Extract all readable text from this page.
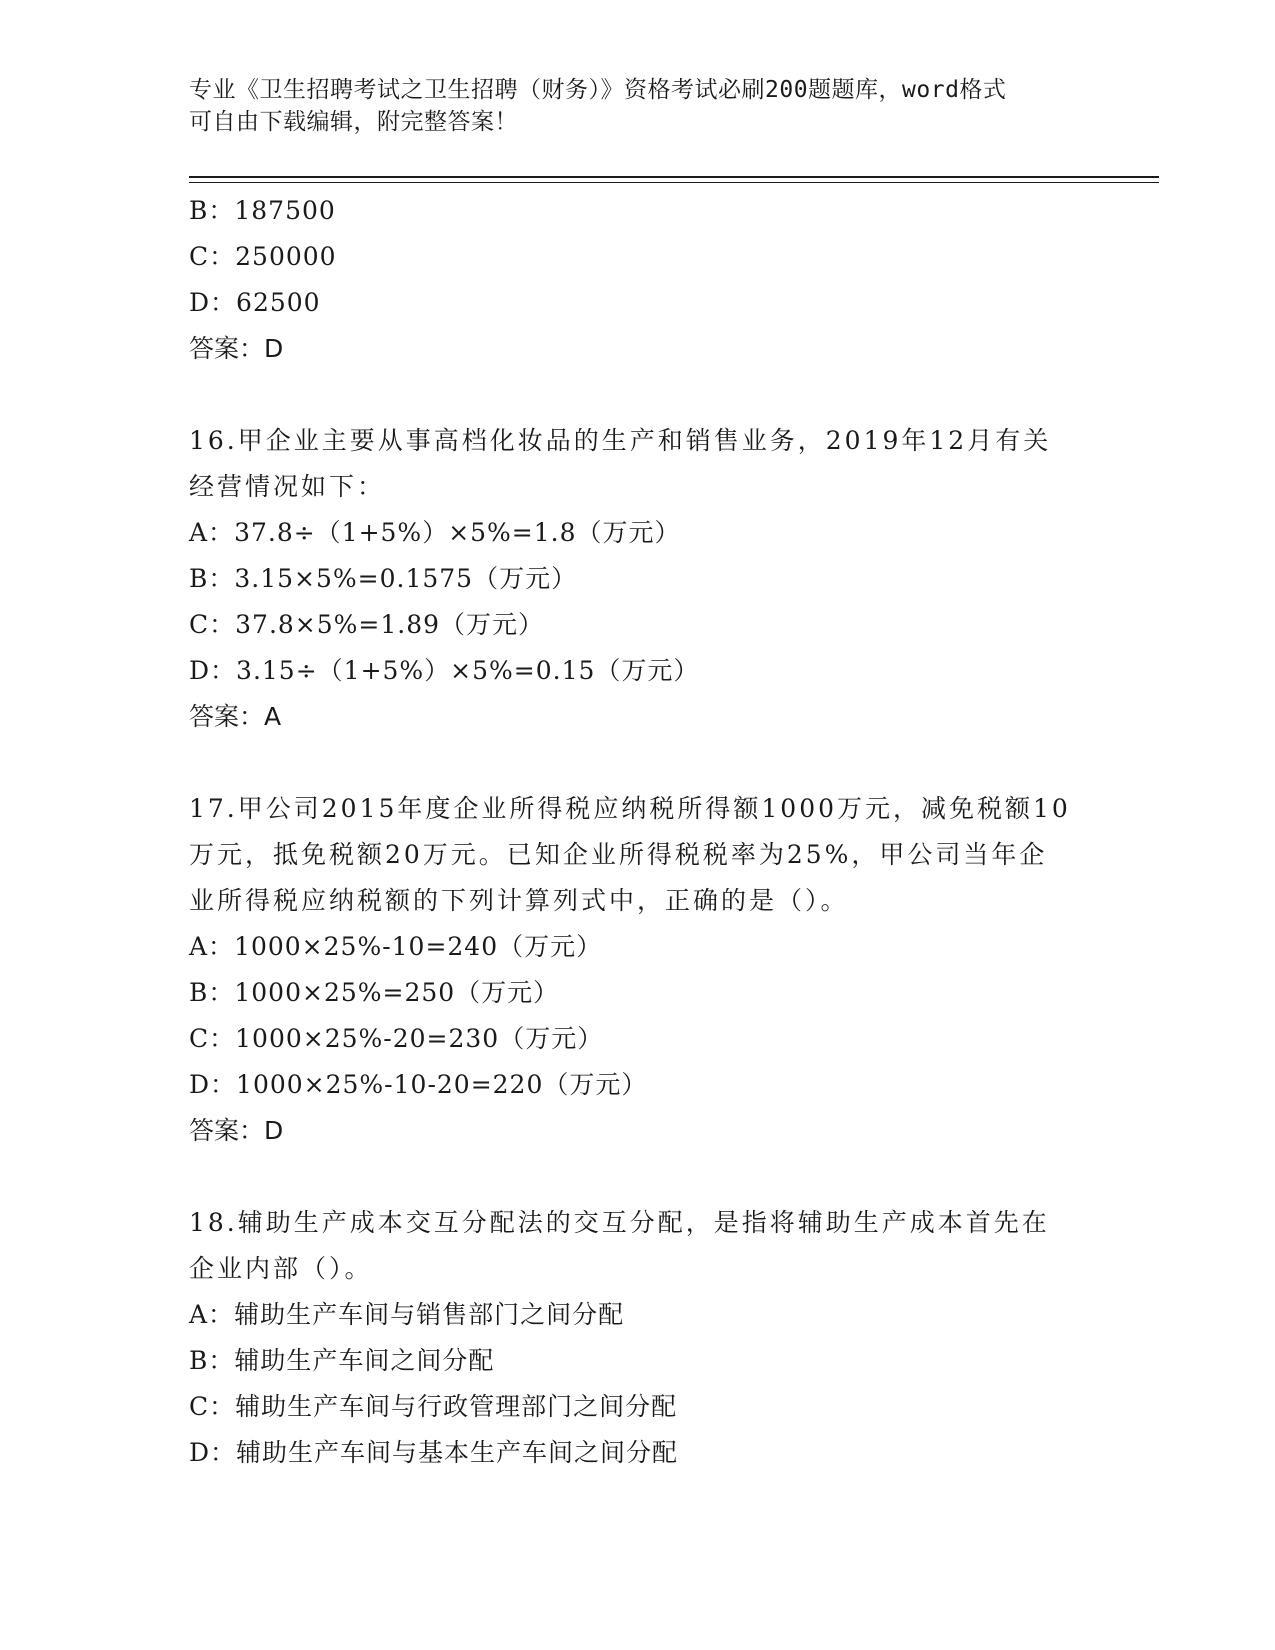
专业《卫生招聘考试之卫生招聘（财务）》资格考试必刷200题题库，word格式
可自由下载编辑，附完整答案！
B：187500
C：250000
D：62500
答案：D
16.甲企业主要从事高档化妆品的生产和销售业务，2019年12月有关
经营情况如下：
A：37.8÷（1+5%）×5%=1.8（万元）
B：3.15×5%=0.1575（万元）
C：37.8×5%=1.89（万元）
D：3.15÷（1+5%）×5%=0.15（万元）
答案：A
17.甲公司2015年度企业所得税应纳税所得额1000万元，减免税额10
万元，抵免税额20万元。已知企业所得税税率为25%，甲公司当年企
业所得税应纳税额的下列计算列式中，正确的是（）。
A：1000×25%-10=240（万元）
B：1000×25%=250（万元）
C：1000×25%-20=230（万元）
D：1000×25%-10-20=220（万元）
答案：D
18.辅助生产成本交互分配法的交互分配，是指将辅助生产成本首先在
企业内部（）。
A：辅助生产车间与销售部门之间分配
B：辅助生产车间之间分配
C：辅助生产车间与行政管理部门之间分配
D：辅助生产车间与基本生产车间之间分配
